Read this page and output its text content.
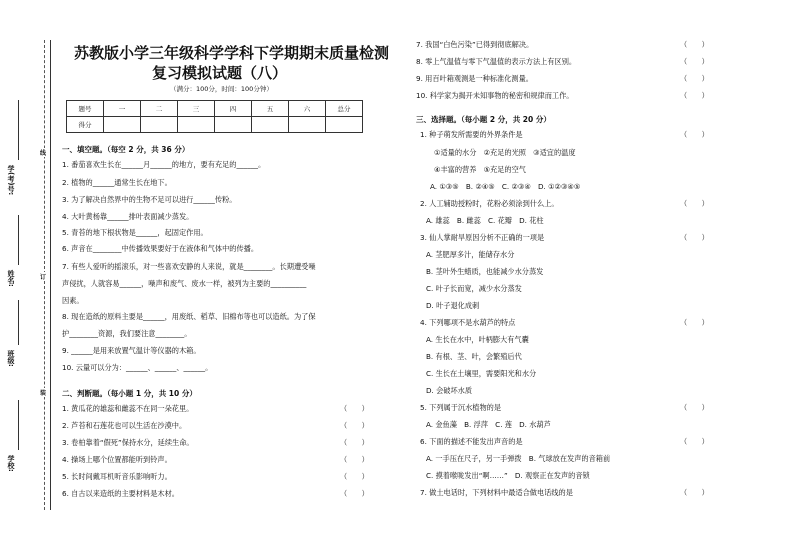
学校:
班级:
姓名:
学(考)号:
线
订
装
苏教版小学三年级科学学科下学期期末质量检测
复习模拟试题（八）
（满分：100分，时间：100分钟）
题号	一	二	三	四	五	六	总分
得分							
一、填空题。（每空 2 分，共 36 分）
1. 番茄喜欢生长在______月______的地方，要有充足的______。
2. 植物的______通常生长在地下。
3. 为了解决自然界中的生物不足可以进行______传粉。
4. 大叶黄杨靠______排叶表面减少蒸发。
5. 青苔的地下根状物是______，起固定作用。
6. 声音在________中传播效果要好于在液体和气体中的传播。
7. 有些人爱听的摇滚乐，对一些喜欢安静的人来说，就是________。长期遭受噪
声侵扰，人就容易______，噪声和废气、废水一样，被列为主要的__________
因素。
8. 现在造纸的原料主要是______，用废纸、稻草、旧棉布等也可以造纸。为了保
护________资源，我们要注意________。
9. ______是用来放置气温计等仪器的木箱。
10. 云量可以分为：______、______、______。
二、判断题。（每小题 1 分，共 10 分）
1. 黄瓜花的雄蕊和雌蕊不在同一朵花里。	（　　）
2. 芦苔和石莲花也可以生活在沙漠中。	（　　）
3. 卷柏靠着“假死”保持水分，延续生命。	（　　）
4. 操场上哪个位置都能听到铃声。	（　　）
5. 长时间戴耳机听音乐影响听力。	（　　）
6. 自古以来造纸的主要材料是木材。	（　　）
7. 我国“白色污染”已得到彻底解决。	（　　）
8. 零上气温值与零下气温值的表示方法上有区别。	（　　）
9. 用百叶箱观测是一种标准化测量。	（　　）
10. 科学家为揭开未知事物的秘密和规律而工作。	（　　）
三、选择题。（每小题 2 分，共 20 分）
1. 种子萌发所需要的外界条件是	（　　）
①适量的水分　②充足的光照　③适宜的温度
④丰富的营养　⑤充足的空气
A. ①③⑤　B. ②④⑤　C. ②③④　D. ①②③④⑤
2. 人工辅助授粉时，花粉必须涂到什么上。	（　　）
A. 雄蕊　B. 雌蕊　C. 花瓣　D. 花柱
3. 仙人掌耐旱原因分析不正确的一项是	（　　）
A. 茎肥厚多汁，能储存水分
B. 茎叶外生蜡质，也能减少水分蒸发
C. 叶子长而宽，减少水分蒸发
D. 叶子退化成刺
4. 下列哪项不是水葫芦的特点	（　　）
A. 生长在水中，叶柄膨大有气囊
B. 有根、茎、叶，会繁殖后代
C. 生长在土壤里，需要阳光和水分
D. 会破坏水质
5. 下列属于沉水植物的是	（　　）
A. 金鱼藻　B. 浮萍　C. 莲　D. 水葫芦
6. 下面的描述不能发出声音的是	（　　）
A. 一手压在尺子，另一手弹拨　B. 气球放在发声的音箱前
C. 摸着喉咙发出“啊……”　D. 观察正在发声的音锁
7. 做土电话时，下列材料中最适合做电话线的是	（　　）
